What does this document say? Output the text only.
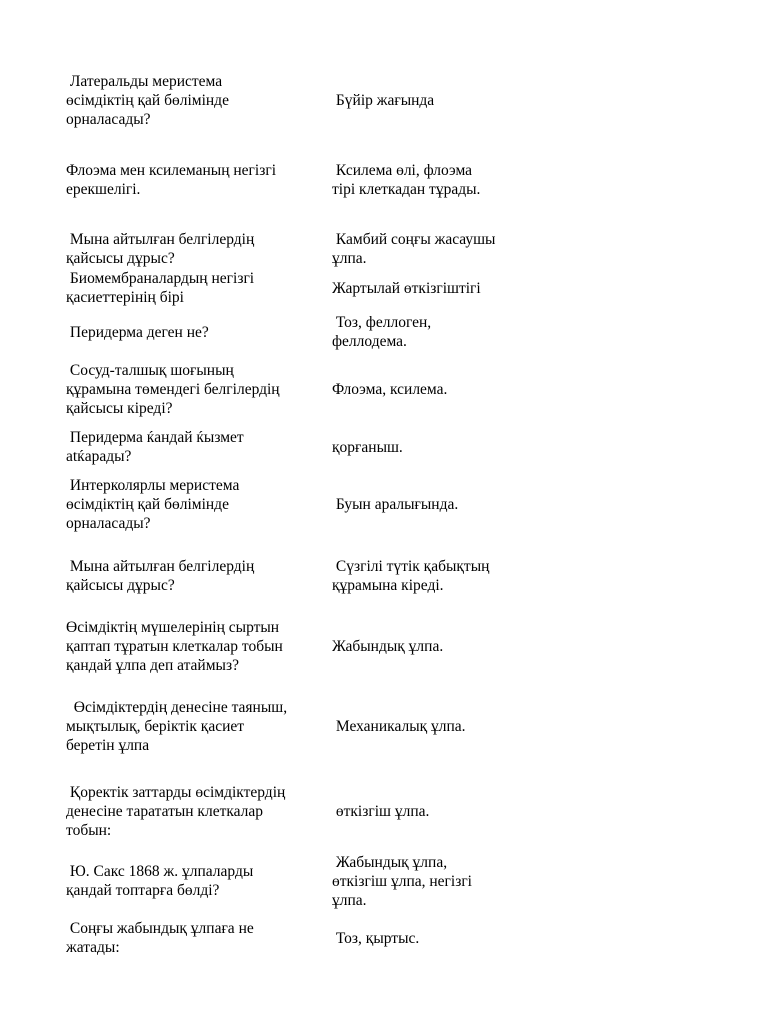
Латеральды меристема
өсімдіктің қай бөлімінде
орналасады?	Бүйір жағында
Флоэма мен ксилеманың негізгі
ерекшелігі.	Ксилема өлі, флоэма
тірі клеткадан тұрады.
Мына айтылған белгілердің
қайсысы дұрыс?	Камбий соңғы жасаушы
ұлпа.
Биомембраналардың негізгі
қасиеттерінің бірі	Жартылай өткізгіштігі
Перидерма деген не?	Тоз, феллоген,
феллодема.
Сосуд-талшық шоғының
құрамына төмендегі белгілердің
қайсысы кіреді?	Флоэма, ксилема.
Перидерма ќандай ќызмет
atќарады?	қорғаныш.
Интерколярлы меристема
өсімдіктің қай бөлімінде
орналасады?	Буын аралығында.
Мына айтылған белгілердің
қайсысы дұрыс?	Сүзгілі түтік қабықтың
құрамына кіреді.
Өсімдіктің мүшелерінің сыртын
қаптап тұратын клеткалар тобын
қандай ұлпа деп атаймыз?	Жабындық ұлпа.
Өсімдіктердің денесіне таяныш,
мықтылық, беріктік қасиет
беретін ұлпа	Механикалық ұлпа.
Қоректік заттарды өсімдіктердің
денесіне тарататын клеткалар
тобын:	өткізгіш ұлпа.
Ю. Сакс 1868 ж. ұлпаларды
қандай топтарға бөлді?	Жабындық ұлпа,
өткізгіш ұлпа, негізгі
ұлпа.
Соңғы жабындық ұлпаға не
жатады:	Тоз, қыртыс.
